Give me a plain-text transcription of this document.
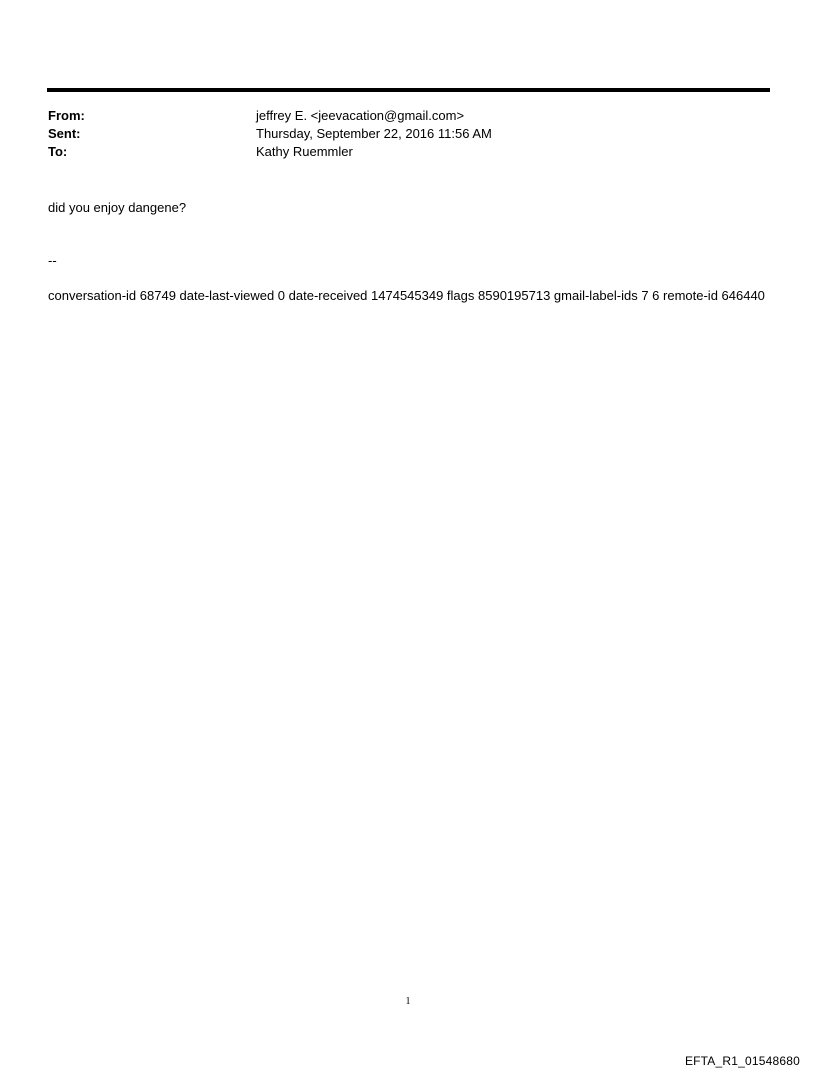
From:	jeffrey E. <jeevacation@gmail.com>
Sent:	Thursday, September 22, 2016 11:56 AM
To:	Kathy Ruemmler
did you enjoy dangene?
--
conversation-id 68749 date-last-viewed 0 date-received 1474545349 flags 8590195713 gmail-label-ids 7 6 remote-id 646440
1
EFTA_R1_01548680
